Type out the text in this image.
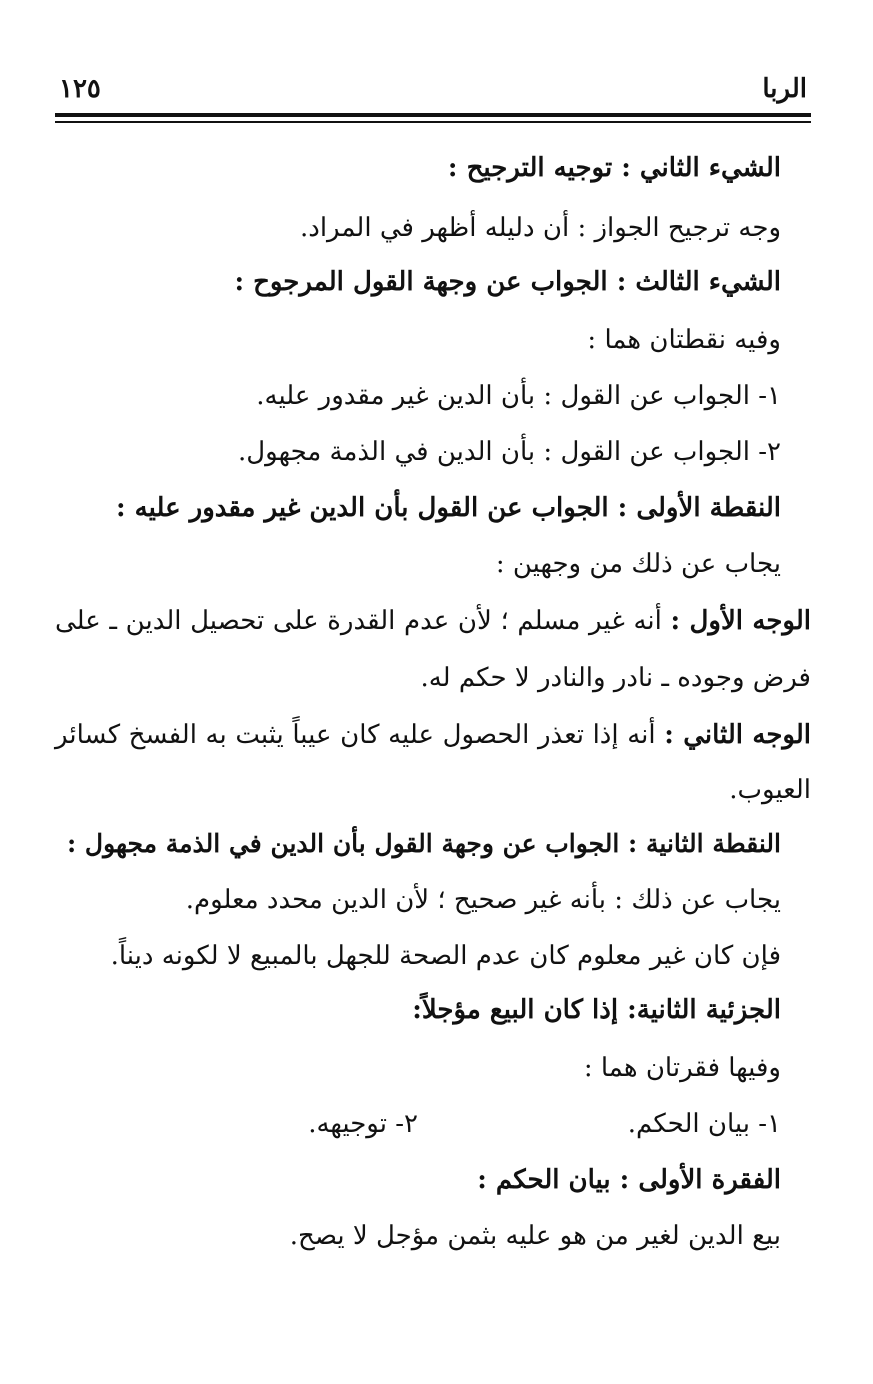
الربا
١٢٥
الشيء الثاني : توجيه الترجيح :
وجه ترجيح الجواز : أن دليله أظهر في المراد.
الشيء الثالث : الجواب عن وجهة القول المرجوح :
وفيه نقطتان هما :
١- الجواب عن القول : بأن الدين غير مقدور عليه.
٢- الجواب عن القول : بأن الدين في الذمة مجهول.
النقطة الأولى : الجواب عن القول بأن الدين غير مقدور عليه :
يجاب عن ذلك من وجهين :
الوجه الأول : أنه غير مسلم ؛ لأن عدم القدرة على تحصيل الدين ـ على
فرض وجوده ـ نادر والنادر لا حكم له.
الوجه الثاني : أنه إذا تعذر الحصول عليه كان عيباً يثبت به الفسخ كسائر
العيوب.
النقطة الثانية : الجواب عن وجهة القول بأن الدين في الذمة مجهول :
يجاب عن ذلك : بأنه غير صحيح ؛ لأن الدين محدد معلوم.
فإن كان غير معلوم كان عدم الصحة للجهل بالمبيع لا لكونه ديناً.
الجزئية الثانية: إذا كان البيع مؤجلاً:
وفيها فقرتان هما :
١- بيان الحكم.
٢- توجيهه.
الفقرة الأولى : بيان الحكم :
بيع الدين لغير من هو عليه بثمن مؤجل لا يصح.
